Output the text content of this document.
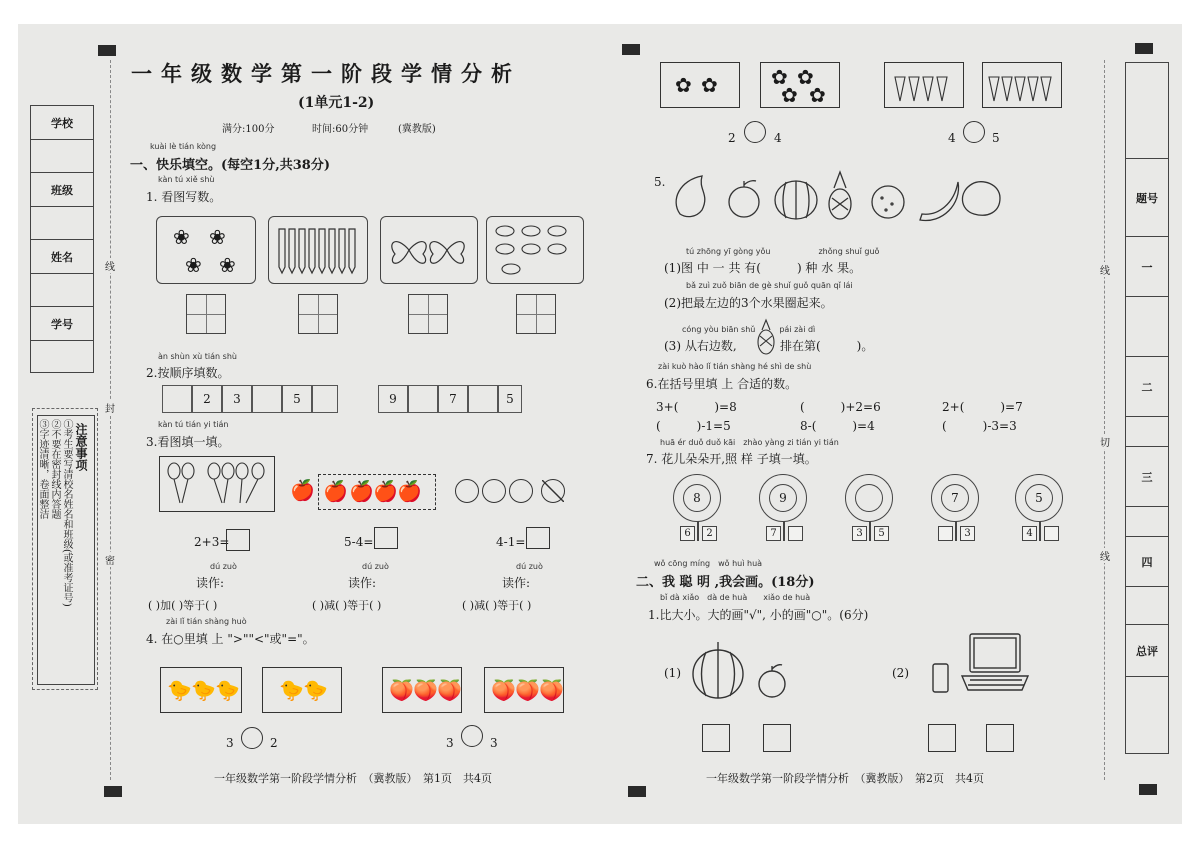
学校
班级
姓名
学号
注意事项
①考生要写清校名姓名和班级(或准考证号)
②不要在密封线内答题
③字迹清晰，卷面整洁
线
封
密
一年级数学第一阶段学情分析
(1单元1-2)
满分:100分	时间:60分钟	(冀教版)
kuài lè tián kòng
一、快乐填空。(每空1分,共38分)
kàn tú xiě shù
1. 看图写数。
❀ ❀
❀ ❀
àn shùn xù tián shù
2.按顺序填数。
2	3	5	9	7	5
kàn tú tián yi tián
3.看图填一填。
🍎 🍎 🍎 🍎 🍎
2+3=	5-4=	4-1=
dú zuò
读作:
dú zuò
读作:
dú zuò
读作:
( )加( )等于( )	( )减( )等于( )	( )减( )等于( )
zài lǐ tián shàng huò
4. 在○里填 上 ">""<"或"="。
🐤 🐤 🐤 🐤 🐤	🍑 🍑 🍑 🍑 🍑 🍑
3	2	3	3
一年级数学第一阶段学情分析　（冀教版）　第1页　共4页
✿ ✿	✿ ✿
✿ ✿
2	4	4	5
5.
tú zhōng yī gòng yǒu　　　　　　zhǒng shuǐ guǒ
(1)图 中 一 共 有(　　　) 种 水 果。
bǎ zuì zuǒ biān de gè shuǐ guǒ quān qǐ lái
(2)把最左边的3个水果圈起来。
cóng yòu biān shǔ　　　pái zài dì
(3) 从右边数,	排在第(　　　)。
zài kuò hào lǐ tián shàng hé shì de shù
6.在括号里填 上 合适的数。
3+(　　　)=8	(　　　)+2=6	2+(　　　)=7
(　　　)-1=5	8-(　　　)=4	(　　　)-3=3
huā ér duǒ duǒ kāi　zhào yàng zi tián yi tián
7. 花儿朵朵开,照 样 子填一填。
8
6	2
9
7	3	5
7
3
5
4
wǒ cōng míng　wǒ huì huà
二、我 聪 明 ,我会画。(18分)
bǐ dà xiǎo　dà de huà　　xiǎo de huà
1.比大小。大的画"√", 小的画"○"。(6分)
(1)	(2)
一年级数学第一阶段学情分析　（冀教版）　第2页　共4页
线
切
线
题号
一
二
三
四
总评
